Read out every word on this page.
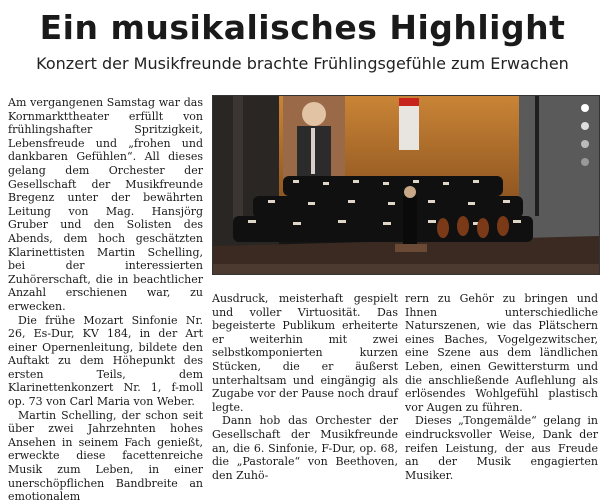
Ein musikalisches Highlight
Konzert der Musikfreunde brachte Frühlingsgefühle zum Erwachen

Am vergangenen Samstag war das Kornmarkttheater erfüllt von frühlingshafter Spritzigkeit, Lebensfreude und „frohen und dankbaren Gefühlen“. All dieses gelang dem Orchester der Gesellschaft der Musikfreunde Bregenz unter der bewährten Leitung von Mag. Hansjörg Gruber und den Solisten des Abends, dem hoch geschätzten Klarinettisten Martin Schelling, bei der interessierten Zuhörerschaft, die in beachtlicher Anzahl erschienen war, zu erwecken.

Die frühe Mozart Sinfonie Nr. 26, Es-Dur, KV 184, in der Art einer Opernenleitung, bildete den Auftakt zu dem Höhepunkt des ersten Teils, dem Klarinettenkonzert Nr. 1, f-moll op. 73 von Carl Maria von Weber.

Martin Schelling, der schon seit über zwei Jahrzehnten hohes Ansehen in seinem Fach genießt, erweckte diese facettenreiche Musik zum Leben, in einer unerschöpflichen Bandbreite an emotionalem

Ausdruck, meisterhaft gespielt und voller Virtuosität. Das begeisterte Publikum erheiterte er weiterhin mit zwei selbstkomponierten kurzen Stücken, die er äußerst unterhaltsam und eingängig als Zugabe vor der Pause noch drauf legte.

Dann hob das Orchester der Gesellschaft der Musikfreunde an, die 6. Sinfonie, F-Dur, op. 68, die „Pastorale“ von Beethoven, den Zuhö-

rern zu Gehör zu bringen und Ihnen unterschiedliche Naturszenen, wie das Plätschern eines Baches, Vogelgezwitscher, eine Szene aus dem ländlichen Leben, einen Gewittersturm und die anschließende Auflehlung als erlösendes Wohlgefühl plastisch vor Augen zu führen.

Dieses „Tongemälde“ gelang in eindrucksvoller Weise, Dank der reifen Leistung, der aus Freude an der Musik engagierten Musiker.
